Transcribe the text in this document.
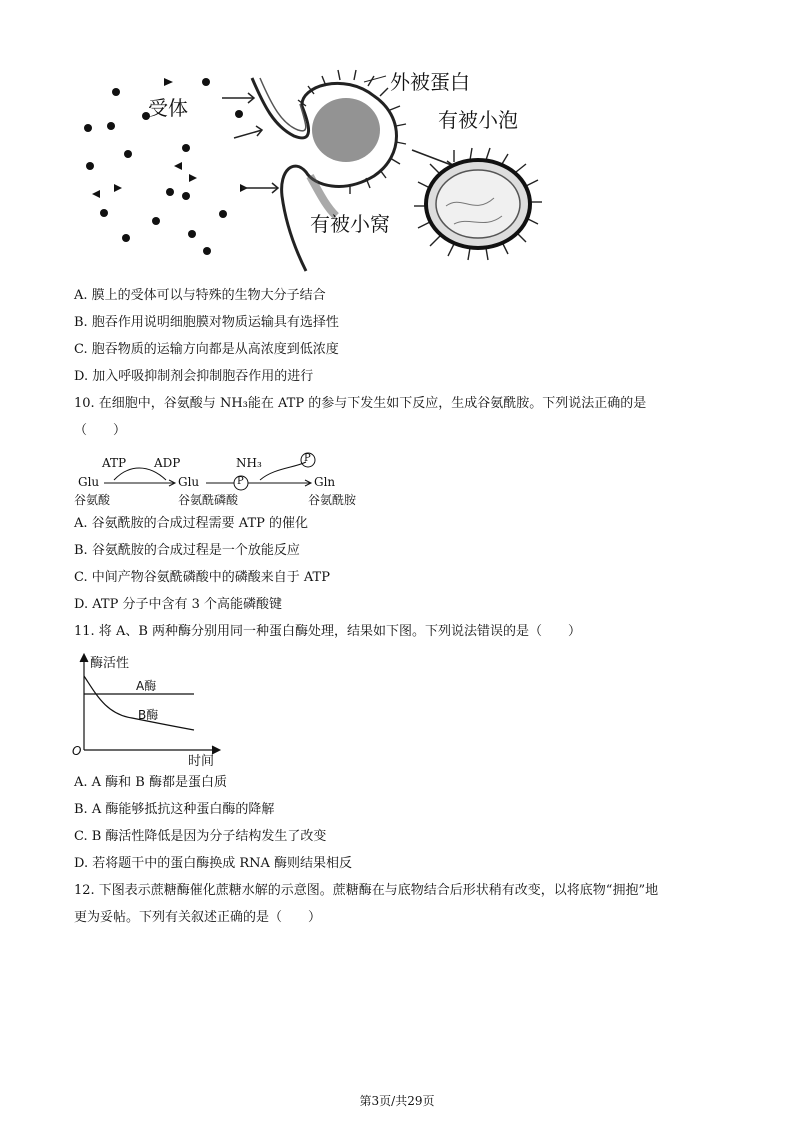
受体
外被蛋白
有被小泡
有被小窝
A. 膜上的受体可以与特殊的生物大分子结合
B. 胞吞作用说明细胞膜对物质运输具有选择性
C. 胞吞物质的运输方向都是从高浓度到低浓度
D. 加入呼吸抑制剂会抑制胞吞作用的进行
10. 在细胞中，谷氨酸与 NH₃能在 ATP 的参与下发生如下反应，生成谷氨酰胺。下列说法正确的是
（　　）
ATP ADP	NH₃
P
P
Glu	Glu	Gln
谷氨酸	谷氨酰磷酸	谷氨酰胺
A. 谷氨酰胺的合成过程需要 ATP 的催化
B. 谷氨酰胺的合成过程是一个放能反应
C. 中间产物谷氨酰磷酸中的磷酸来自于 ATP
D. ATP 分子中含有 3 个高能磷酸键
11. 将 A、B 两种酶分别用同一种蛋白酶处理，结果如下图。下列说法错误的是（　　）
酶活性
A酶
B酶
O
时间
A. A 酶和 B 酶都是蛋白质
B. A 酶能够抵抗这种蛋白酶的降解
C. B 酶活性降低是因为分子结构发生了改变
D. 若将题干中的蛋白酶换成 RNA 酶则结果相反
12. 下图表示蔗糖酶催化蔗糖水解的示意图。蔗糖酶在与底物结合后形状稍有改变，以将底物“拥抱”地
更为妥帖。下列有关叙述正确的是（　　）
第3页/共29页
